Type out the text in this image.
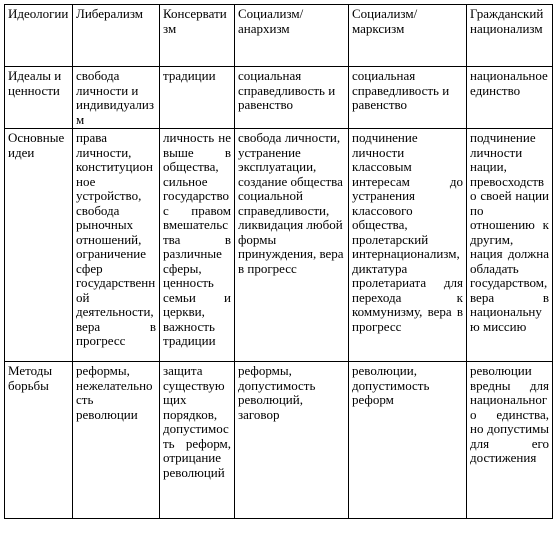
Идеологии	Либерализм	Консерватизм	Социализм/анархизм	Социализм/марксизм	Гражданский национализм
Идеалы и ценности	свобода личности и индивидуализм	традиции	социальная справедливость и равенство	социальная справедливость и равенство	национальное единство
Основные идеи	права личности, конституционное устройство, свобода рыночных отношений, ограничение сфер государственной деятельности, вера в прогресс	личность не выше в общества, сильное государство с правом вмешательства в различные сферы, ценность семьи и церкви, важность традиции	свобода личности, устранение эксплуатации, создание общества социальной справедливости, ликвидация любой формы принуждения, вера в прогресс	подчинение личности классовым интересам до устранения классового общества, пролетарский интернационализм, диктатура пролетариата для перехода к коммунизму, вера в прогресс	подчинение личности нации, превосходство своей нации по отношению к другим, нация должна обладать государством, вера в национальную миссию
Методы борьбы	реформы, нежелательность революции	защита существующих порядков, допустимость реформ, отрицание революций	реформы, допустимость революций, заговор	революции, допустимость реформ	революции вредны для национального единства, но допустимы для его достижения
